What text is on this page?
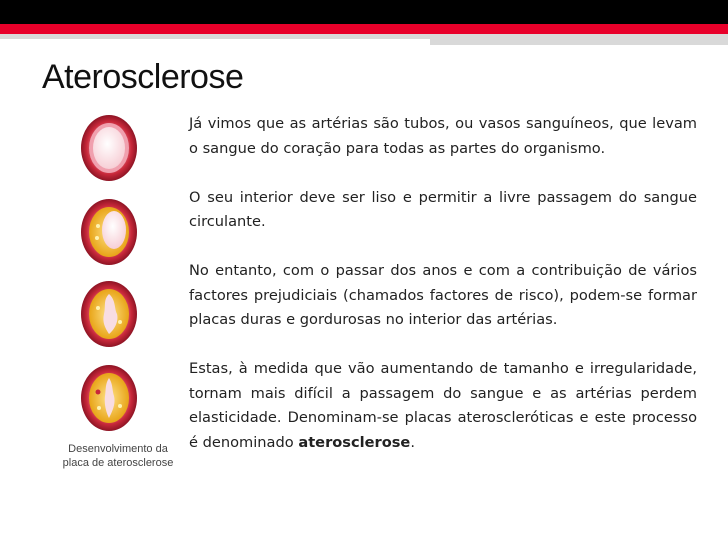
Aterosclerose
Desenvolvimento da
placa de aterosclerose

Já vimos que as artérias são tubos, ou vasos sanguíneos, que levam o sangue do coração para todas as partes do organismo.

O seu interior deve ser liso e permitir a livre passagem do sangue circulante.

No entanto, com o passar dos anos e com a contribuição de vários factores prejudiciais (chamados factores de risco), podem-se formar placas duras e gordurosas no interior das artérias.

Estas, à medida que vão aumentando de tamanho e irregularidade, tornam mais difícil a passagem do sangue e as artérias perdem elasticidade. Denominam-se placas ateroscleróticas e este processo é denominado aterosclerose.
